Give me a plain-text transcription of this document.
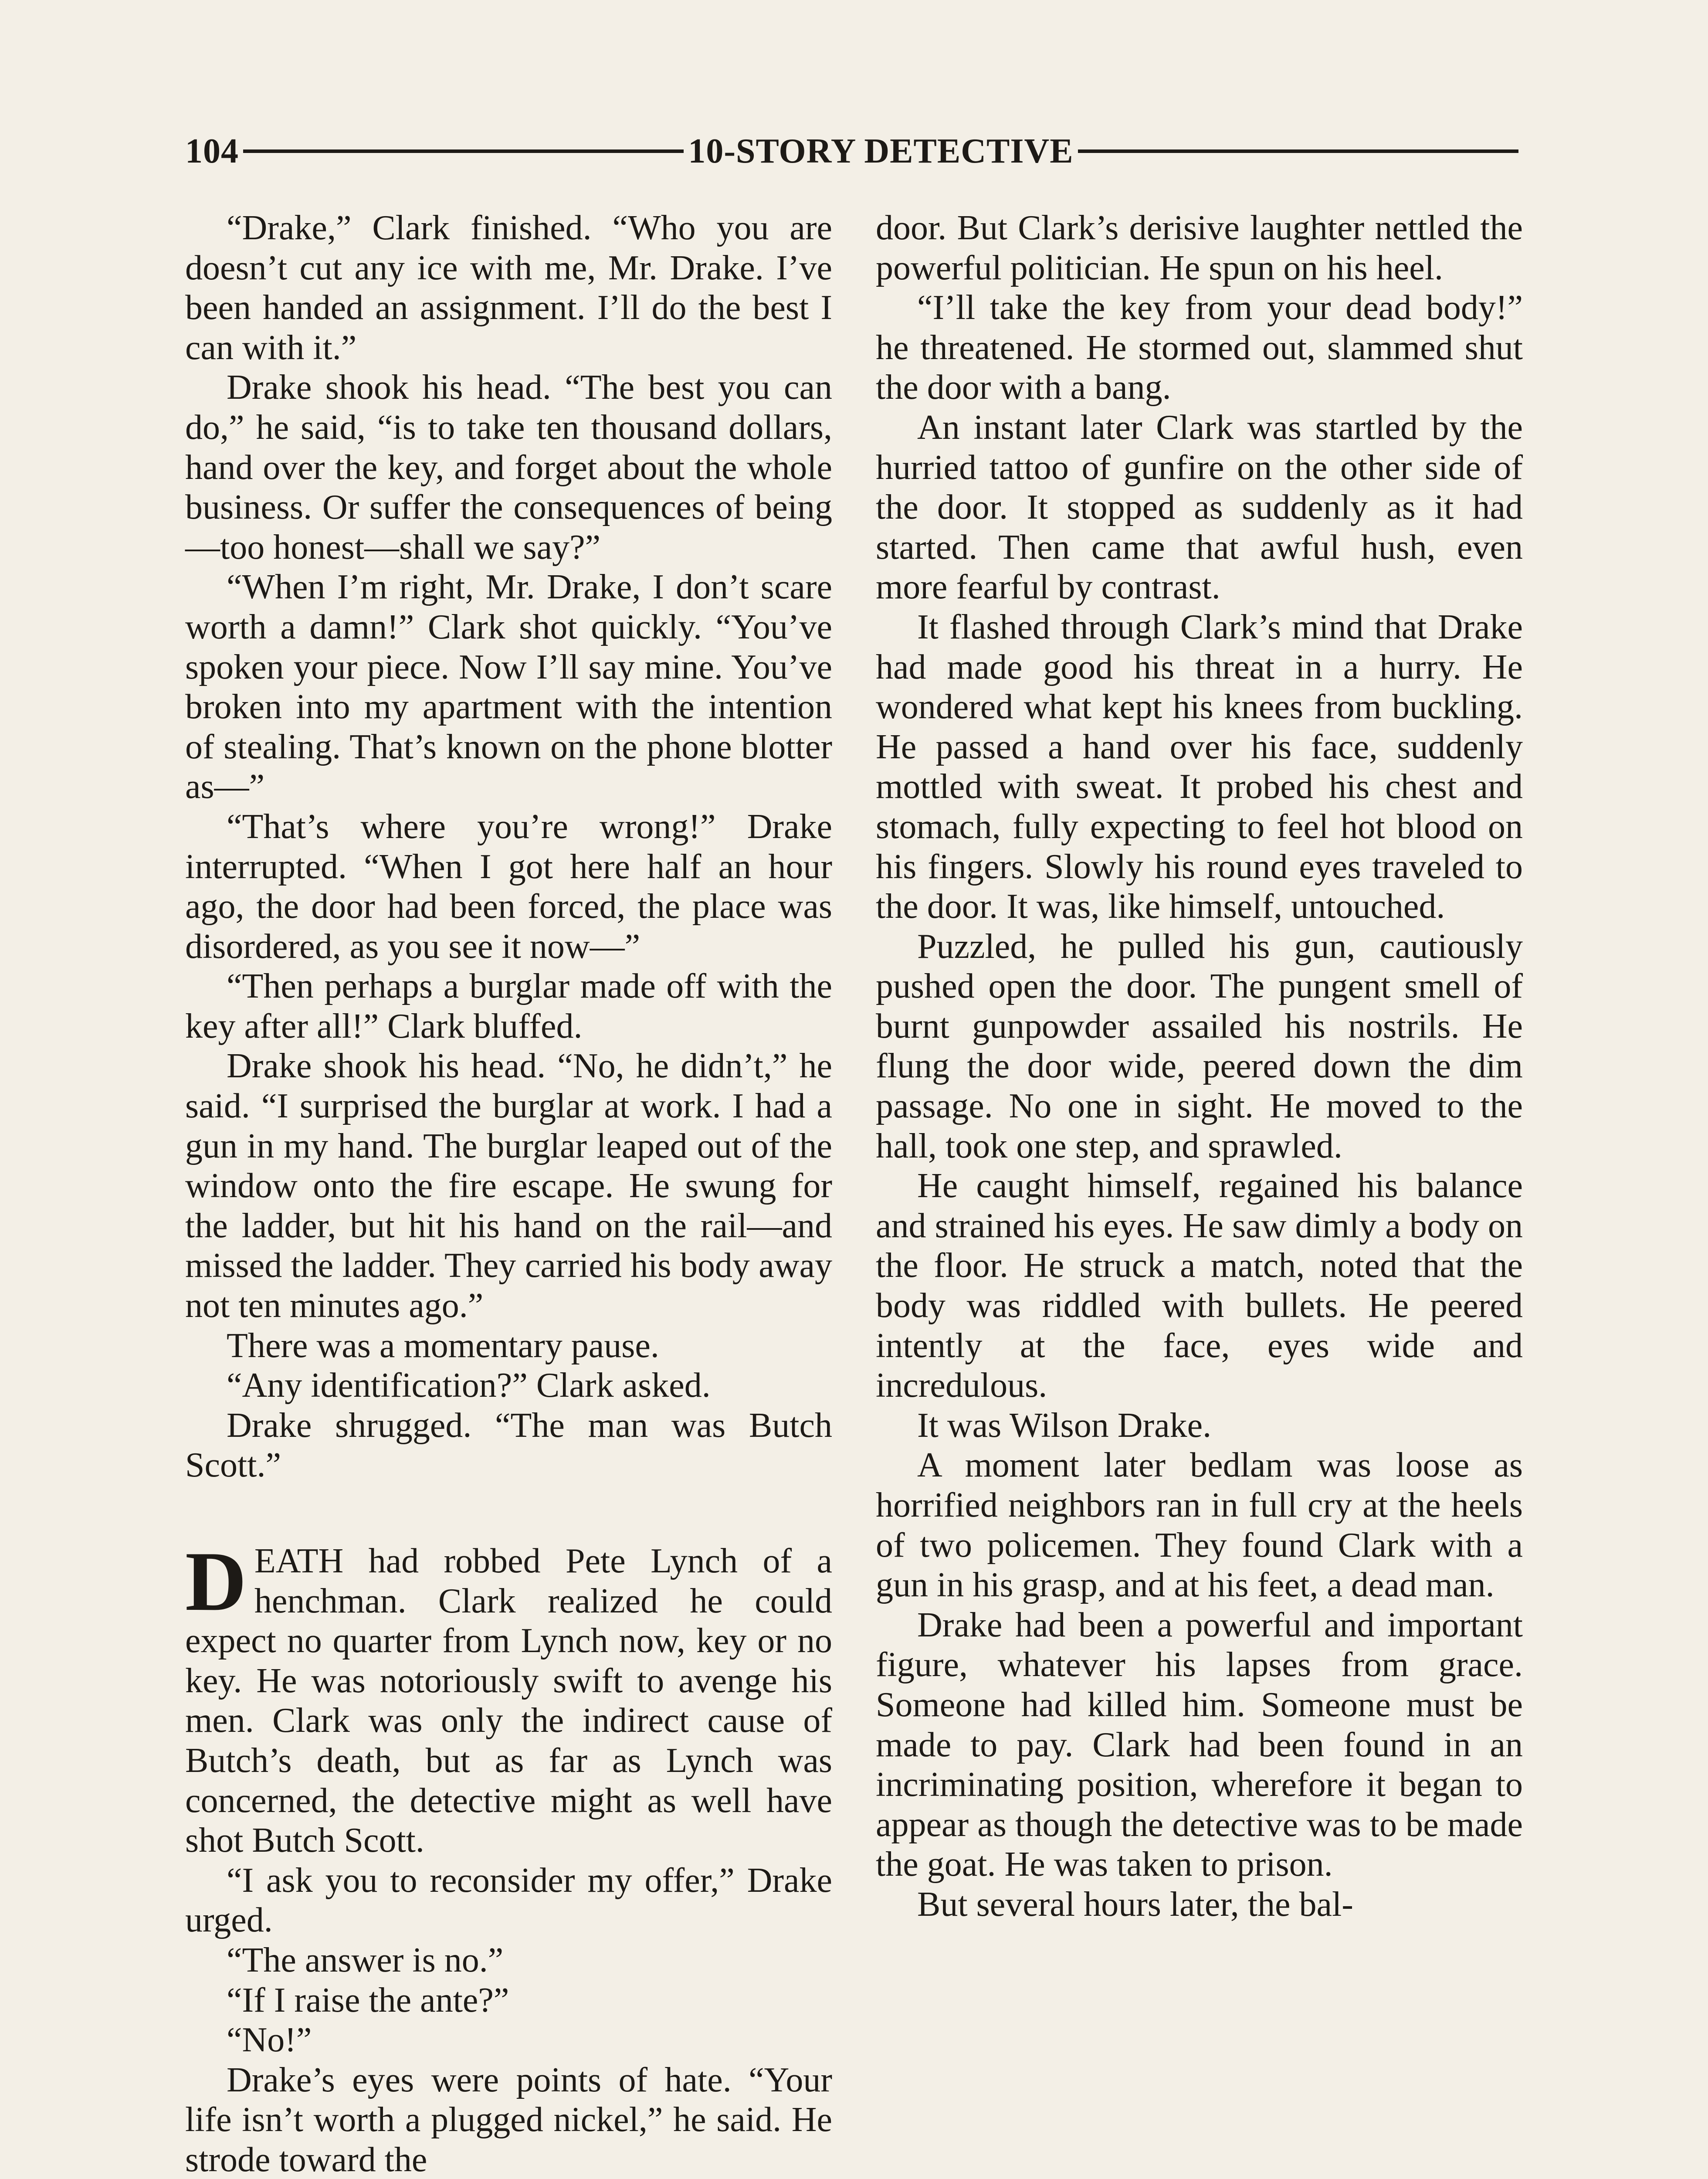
104	10-STORY DETECTIVE

“Drake,” Clark finished. “Who you are doesn’t cut any ice with me, Mr. Drake. I’ve been handed an assignment. I’ll do the best I can with it.”

Drake shook his head. “The best you can do,” he said, “is to take ten thousand dollars, hand over the key, and forget about the whole business. Or suffer the consequences of being—too honest—shall we say?”

“When I’m right, Mr. Drake, I don’t scare worth a damn!” Clark shot quickly. “You’ve spoken your piece. Now I’ll say mine. You’ve broken into my apartment with the intention of stealing. That’s known on the phone blotter as—”

“That’s where you’re wrong!” Drake interrupted. “When I got here half an hour ago, the door had been forced, the place was disordered, as you see it now—”

“Then perhaps a burglar made off with the key after all!” Clark bluffed.

Drake shook his head. “No, he didn’t,” he said. “I surprised the burglar at work. I had a gun in my hand. The burglar leaped out of the window onto the fire escape. He swung for the ladder, but hit his hand on the rail—and missed the ladder. They carried his body away not ten minutes ago.”

There was a momentary pause.

“Any identification?” Clark asked.

Drake shrugged. “The man was Butch Scott.”

DEATH had robbed Pete Lynch of a henchman. Clark realized he could expect no quarter from Lynch now, key or no key. He was notoriously swift to avenge his men. Clark was only the indirect cause of Butch’s death, but as far as Lynch was concerned, the detective might as well have shot Butch Scott.

“I ask you to reconsider my offer,” Drake urged.

“The answer is no.”

“If I raise the ante?”

“No!”

Drake’s eyes were points of hate. “Your life isn’t worth a plugged nickel,” he said. He strode toward the

door. But Clark’s derisive laughter nettled the powerful politician. He spun on his heel.

“I’ll take the key from your dead body!” he threatened. He stormed out, slammed shut the door with a bang.

An instant later Clark was startled by the hurried tattoo of gunfire on the other side of the door. It stopped as suddenly as it had started. Then came that awful hush, even more fearful by contrast.

It flashed through Clark’s mind that Drake had made good his threat in a hurry. He wondered what kept his knees from buckling. He passed a hand over his face, suddenly mottled with sweat. It probed his chest and stomach, fully expecting to feel hot blood on his fingers. Slowly his round eyes traveled to the door. It was, like himself, untouched.

Puzzled, he pulled his gun, cautiously pushed open the door. The pungent smell of burnt gunpowder assailed his nostrils. He flung the door wide, peered down the dim passage. No one in sight. He moved to the hall, took one step, and sprawled.

He caught himself, regained his balance and strained his eyes. He saw dimly a body on the floor. He struck a match, noted that the body was riddled with bullets. He peered intently at the face, eyes wide and incredulous.

It was Wilson Drake.

A moment later bedlam was loose as horrified neighbors ran in full cry at the heels of two policemen. They found Clark with a gun in his grasp, and at his feet, a dead man.

Drake had been a powerful and important figure, whatever his lapses from grace. Someone had killed him. Someone must be made to pay. Clark had been found in an incriminating position, wherefore it began to appear as though the detective was to be made the goat. He was taken to prison.

But several hours later, the bal-
